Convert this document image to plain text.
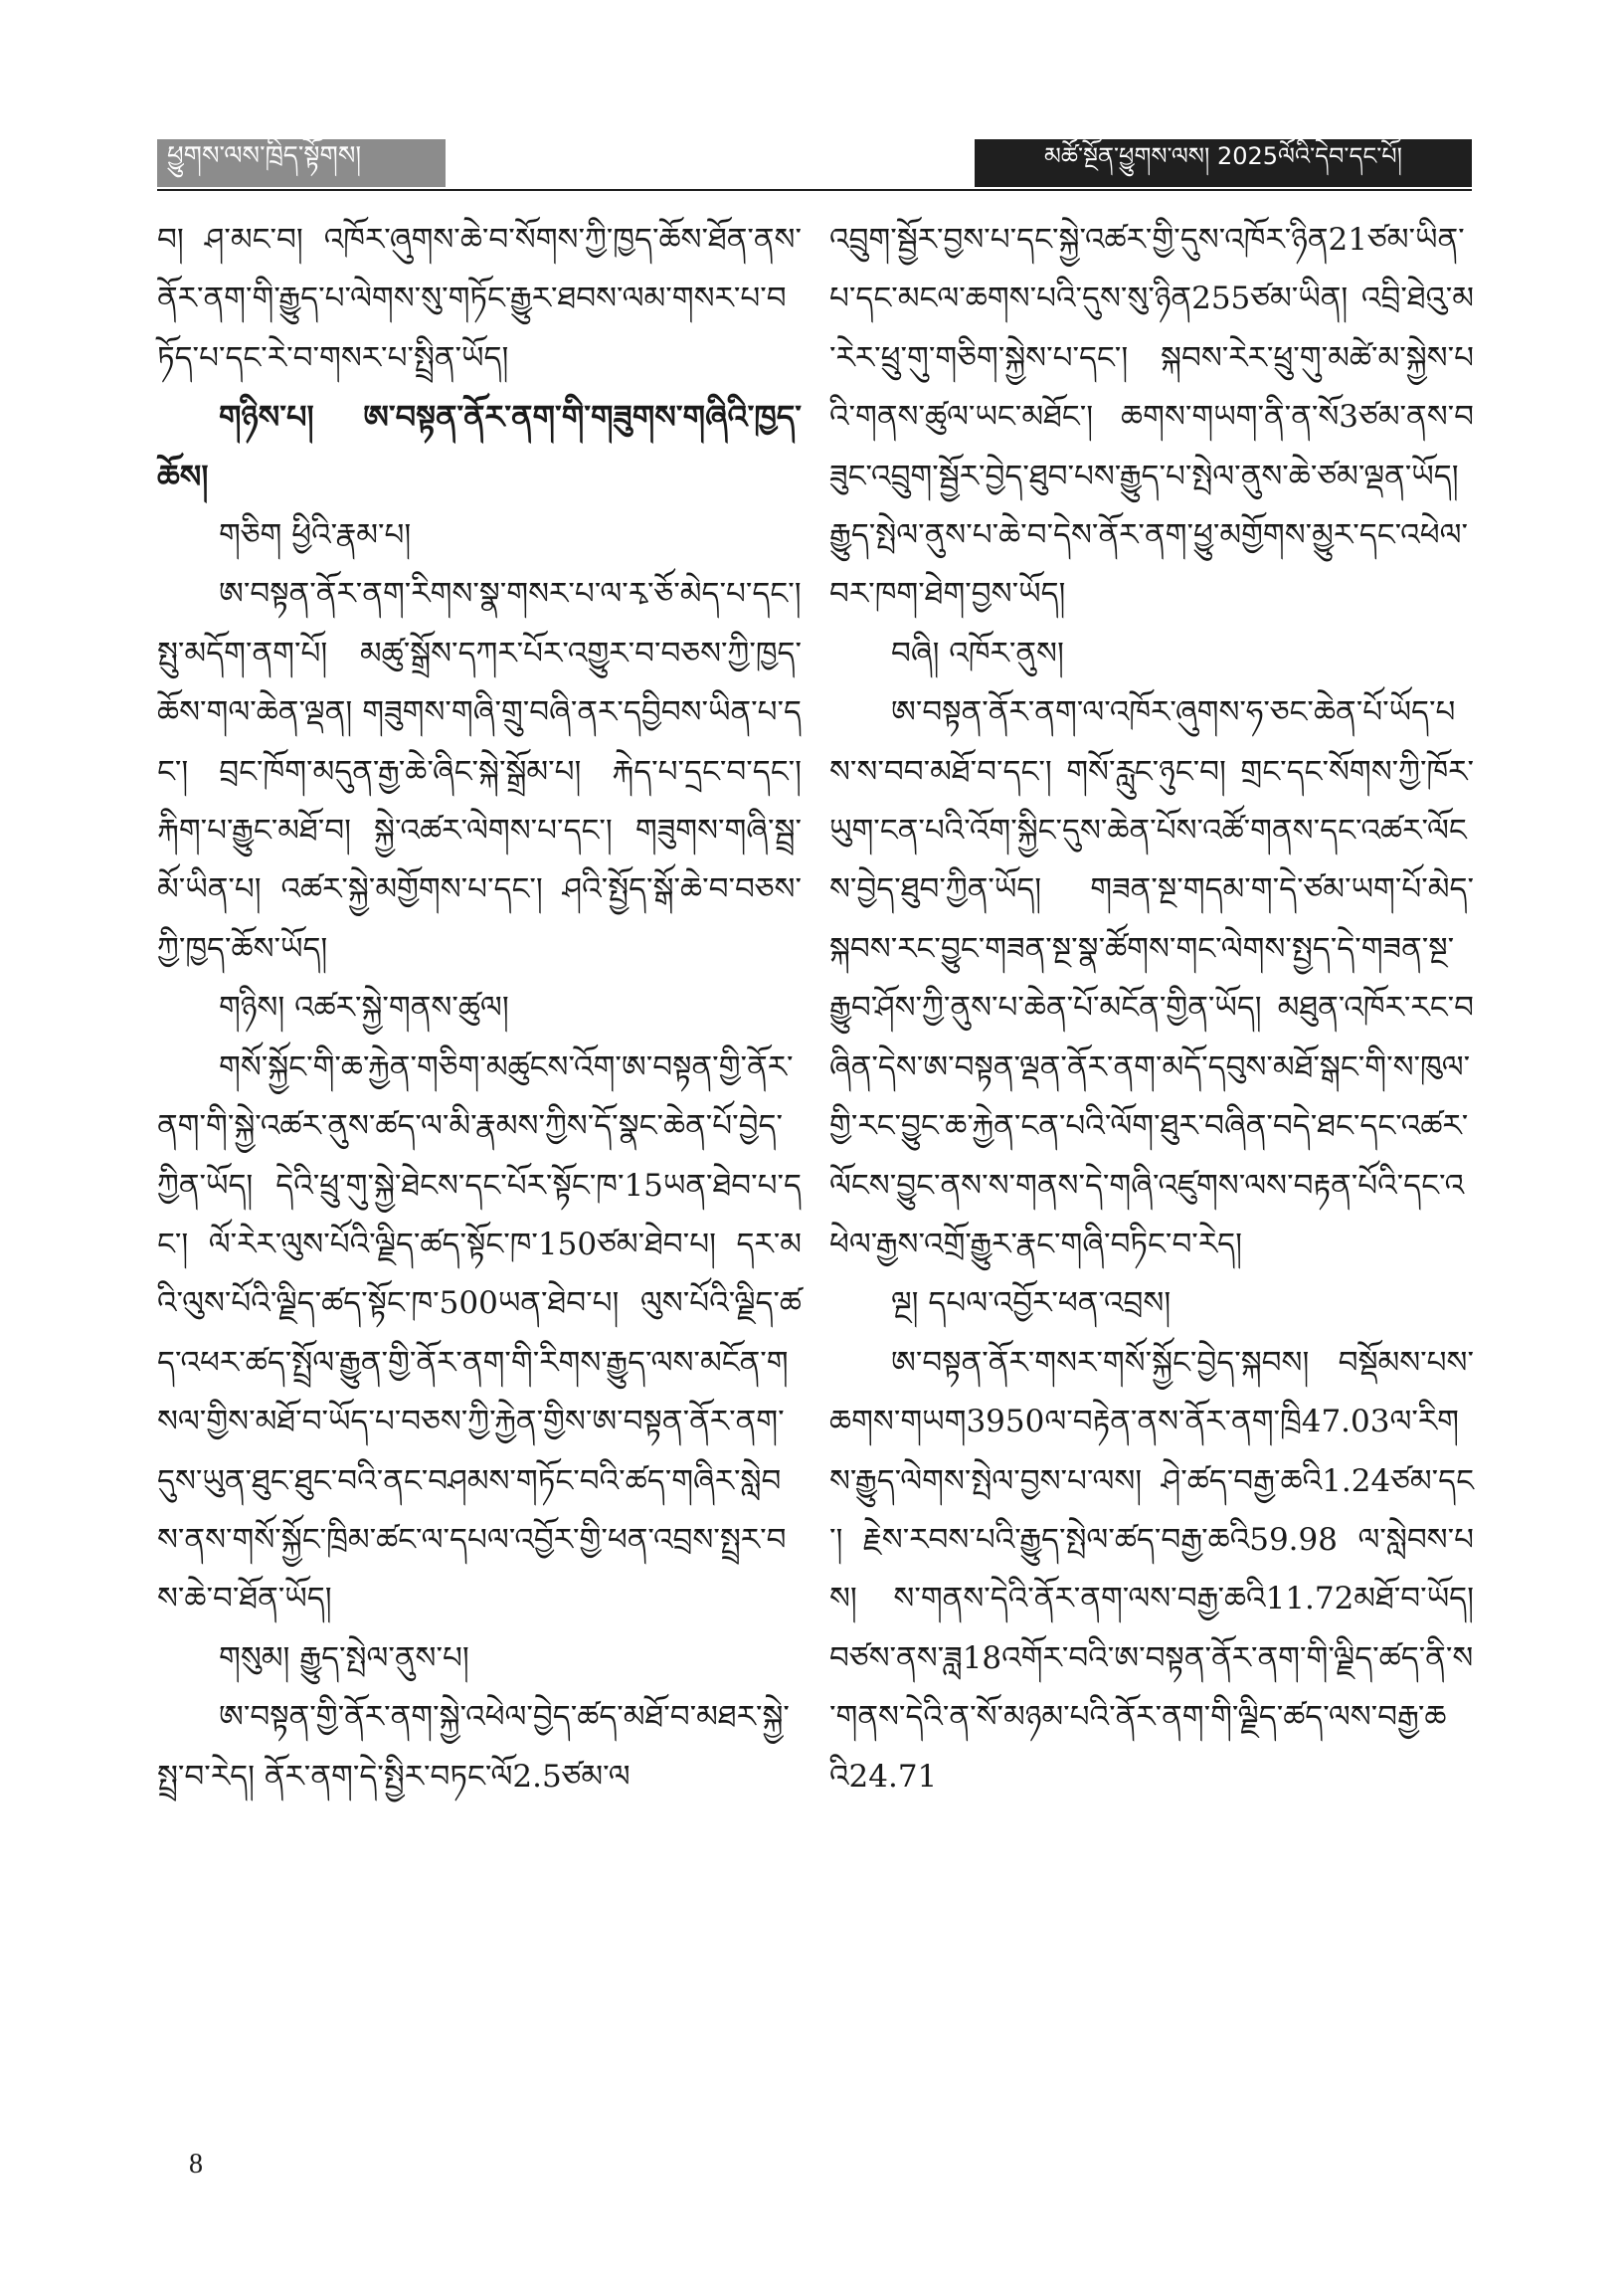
ཕྱུགས་ལས་ཁྲིད་སྟོགས།	མཚོ་སྔོན་ཕྱུགས་ལས། 2025ལོའི་དེབ་དང་པོ།

བ། ཤ་མང་བ། འཁོར་ཞུགས་ཆེ་བ་སོགས་ཀྱི་ཁྱད་ཆོས་ཐོན་ནས་ནོར་ནག་གི་རྒྱུད་པ་ལེགས་སུ་གཏོང་རྒྱུར་ཐབས་ལམ་གསར་པ་བཏོད་པ་དང་རེ་བ་གསར་པ་སྤྲིན་ཡོད།

གཉིས་པ། ཨ་བསྟན་ནོར་ནག་གི་གཟུགས་གཞིའི་ཁྱད་ཆོས།

གཅིག ཕྱིའི་རྣམ་པ།

ཨ་བསྟན་ནོར་ནག་རིགས་སྣ་གསར་པ་ལ་རྭ་ཅོ་མེད་པ་དང་། སྤུ་མདོག་ནག་པོ། མཚུ་སྒྲོས་དཀར་པོར་འགྱུར་བ་བཅས་ཀྱི་ཁྱད་ཆོས་གལ་ཆེན་ལྡན། གཟུགས་གཞི་གྲུ་བཞི་ནར་དབྱིབས་ཡིན་པ་དང་། བྲང་ཁོག་མདུན་རྒྱ་ཆེ་ཞིང་སྐེ་སྒྲོམ་པ། རྐེད་པ་དྲང་བ་དང་། རྐིག་པ་རྒྱུང་མཐོ་བ། སྐྱེ་འཚར་ལེགས་པ་དང་། གཟུགས་གཞི་སྦྲ་མོ་ཡིན་པ། འཚར་སྐྱེ་མགྱོགས་པ་དང་། ཤའི་སྤྱོད་སྒོ་ཆེ་བ་བཅས་ཀྱི་ཁྱད་ཆོས་ཡོད།

གཉིས། འཚར་སྐྱེ་གནས་ཚུལ།

གསོ་སྐྱོང་གི་ཆ་རྐྱེན་གཅིག་མཚུངས་འོག་ཨ་བསྟན་གྱི་ནོར་ནག་གི་སྐྱེ་འཚར་ནུས་ཚད་ལ་མི་རྣམས་ཀྱིས་དོ་སྣང་ཆེན་པོ་བྱེད་ཀྱིན་ཡོད། དེའི་ཕྲུ་གུ་སྐྱེ་ཐེངས་དང་པོར་སྟོང་ཁ་15ཡན་ཐེབ་པ་དང་། ལོ་རེར་ལུས་པོའི་ལྗིད་ཚད་སྟོང་ཁ་150ཙམ་ཐེབ་པ། དར་མའི་ལུས་པོའི་ལྗིད་ཚད་སྟོང་ཁ་500ཡན་ཐེབ་པ། ལུས་པོའི་ལྗིད་ཚད་འཕར་ཚད་སྤྲོལ་རྒྱུན་གྱི་ནོར་ནག་གི་རིགས་རྒྱུད་ལས་མངོན་གསལ་གྱིས་མཐོ་བ་ཡོད་པ་བཅས་ཀྱི་རྐྱེན་གྱིས་ཨ་བསྟན་ནོར་ནག་དུས་ཡུན་ཐུང་ཐུང་བའི་ནང་བཤམས་གཏོང་བའི་ཚད་གཞིར་སླེབས་ནས་གསོ་སྐྱོང་ཁྲིམ་ཚང་ལ་དཔལ་འབྱོར་གྱི་ཕན་འབྲས་སྤྲར་བས་ཆེ་བ་ཐོན་ཡོད།

གསུམ། རྒྱུད་སྤེལ་ནུས་པ།

ཨ་བསྟན་གྱི་ནོར་ནག་སྐྱེ་འཕེལ་བྱེད་ཚད་མཐོ་བ་མཐར་སྐྱེ་སྤྲ་བ་རེད། ནོར་ནག་དེ་སྤྱིར་བཏང་ལོ2.5ཙམ་ལ

འབྲུག་སྦྱོར་བྱས་པ་དང་སྐྱེ་འཚར་གྱི་དུས་འཁོར་ཉིན21ཙམ་ཡིན་པ་དང་མངལ་ཆགས་པའི་དུས་སུ་ཉིན255ཙམ་ཡིན། འབྲི་ཐེའུ་མ་རེར་ཕྲུ་གུ་གཅིག་སྐྱེས་པ་དང་། སྐབས་རེར་ཕྲུ་གུ་མཚེ་མ་སྐྱེས་པའི་གནས་ཚུལ་ཡང་མཐོང་། ཆགས་གཡག་ནི་ན་སོ3ཙམ་ནས་བཟུང་འབྲུག་སྦྱོར་བྱེད་ཐུབ་པས་རྒྱུད་པ་སྤེལ་ནུས་ཆེ་ཙམ་ལྡན་ཡོད། རྒྱུད་སྤེལ་ནུས་པ་ཆེ་བ་དེས་ནོར་ནག་ཕྱུ་མགྱོགས་མྱུར་དང་འཕེལ་བར་ཁག་ཐེག་བྱས་ཡོད།

བཞི། འཁོར་ནུས།

ཨ་བསྟན་ནོར་ནག་ལ་འཁོར་ཞུགས་ཧ་ཅང་ཆེན་པོ་ཡོད་པས་ས་བབ་མཐོ་བ་དང་། གསོ་རླུང་ཉུང་བ། གྲང་དང་སོགས་ཀྱི་ཁོར་ཡུག་ངན་པའི་འོག་སྐྱིང་དུས་ཆེན་པོས་འཚོ་གནས་དང་འཚར་ལོངས་བྱེད་ཐུབ་ཀྱིན་ཡོད། གཟན་སྔ་གདམ་ག་དེ་ཙམ་ཡག་པོ་མེད་སྐབས་རང་བྱུང་གཟན་སྔ་སྣ་ཚོགས་གང་ལེགས་སྤྱད་དེ་གཟན་སྔ་རྒྱུབ་ཤོས་ཀྱི་ནུས་པ་ཆེན་པོ་མངོན་གྱིན་ཡོད། མཐུན་འཁོར་རང་བཞིན་དེས་ཨ་བསྟན་ལྡན་ནོར་ནག་མདོ་དབུས་མཐོ་སྒང་གི་ས་ཁུལ་གྱི་རང་བྱུང་ཆ་རྐྱེན་ངན་པའི་ལོག་ཐུར་བཞིན་བདེ་ཐང་དང་འཚར་ལོངས་བྱུང་ནས་ས་གནས་དེ་གཞི་འཛུགས་ལས་བརྟན་པོའི་དང་འཕེལ་རྒྱས་འགྲོ་རྒྱུར་རྣང་གཞི་བཏིང་བ་རེད།

ལྔ། དཔལ་འབྱོར་ཕན་འབྲས།

ཨ་བསྟན་ནོར་གསར་གསོ་སྐྱོང་བྱེད་སྐབས། བསྡོམས་པས་ཆགས་གཡག3950ལ་བརྟེན་ནས་ནོར་ནག་ཁྲི47.03ལ་རིགས་རྒྱུད་ལེགས་སྤེལ་བྱས་པ་ལས། ཤེ་ཚད་བརྒྱ་ཆའི1.24ཙམ་དང་། རྗེས་རབས་པའི་རྒྱུད་སྤེལ་ཚད་བརྒྱ་ཆའི59.98 ལ་སླེབས་པས། ས་གནས་དེའི་ནོར་ནག་ལས་བརྒྱ་ཆའི11.72མཐོ་བ་ཡོད། བཙས་ནས་ཟླ18འགོར་བའི་ཨ་བསྟན་ནོར་ནག་གི་ལྗིད་ཚད་ནི་ས་གནས་དེའི་ན་སོ་མཉམ་པའི་ནོར་ནག་གི་ལྗིད་ཚད་ལས་བརྒྱ་ཆའི24.71

8
